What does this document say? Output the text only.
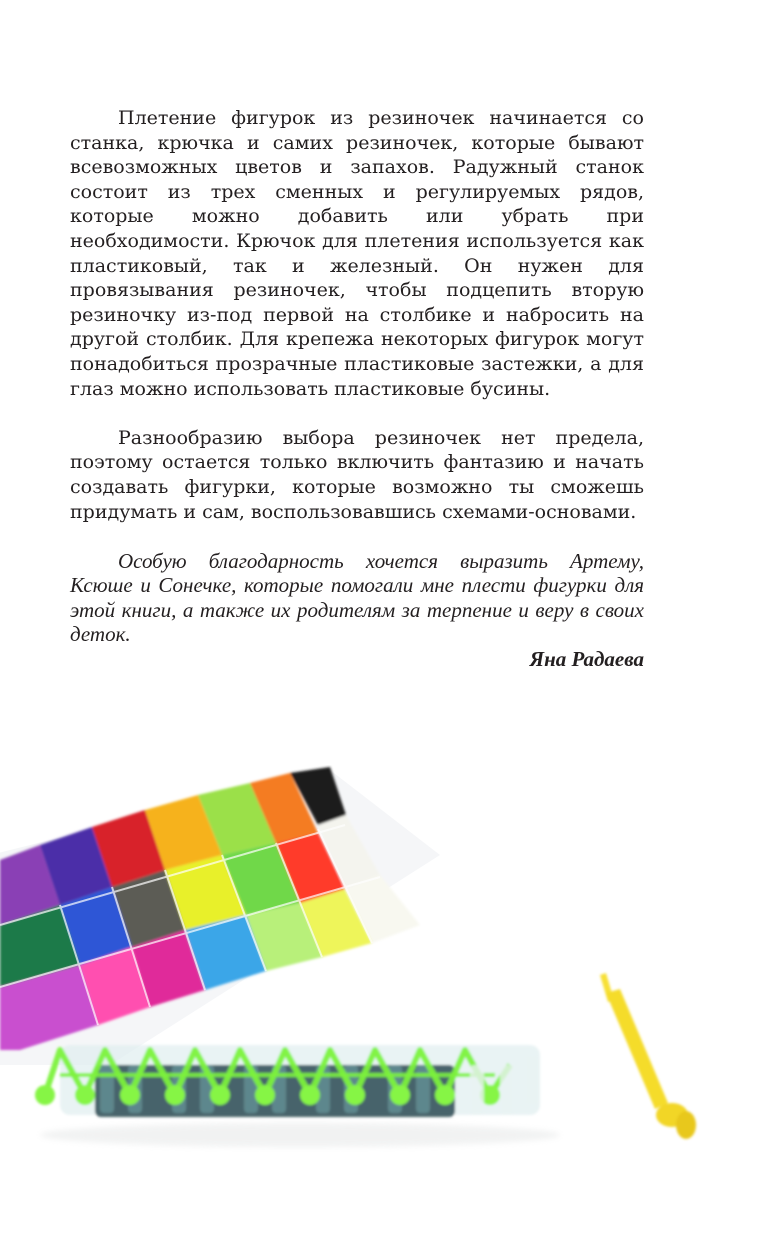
Плетение фигурок из резиночек начинается со станка, крючка и самих резиночек, которые бывают всевозможных цветов и запахов. Радужный станок состоит из трех сменных и регулируемых рядов, которые можно добавить или убрать при необходимости. Крючок для плетения используется как пластиковый, так и железный. Он нужен для провязывания резиночек, чтобы подцепить вторую резиночку из-под первой на столбике и набросить на другой столбик. Для крепежа некоторых фигурок могут понадобиться прозрачные пластиковые застежки, а для глаз можно использовать пластиковые бусины.

Разнообразию выбора резиночек нет предела, поэтому остается только включить фантазию и начать создавать фигурки, которые возможно ты сможешь придумать и сам, воспользовавшись схемами-основами.

Особую благодарность хочется выразить Артему, Ксюше и Сонечке, которые помогали мне плести фигурки для этой книги, а также их родителям за терпение и веру в своих деток.

Яна Радаева
